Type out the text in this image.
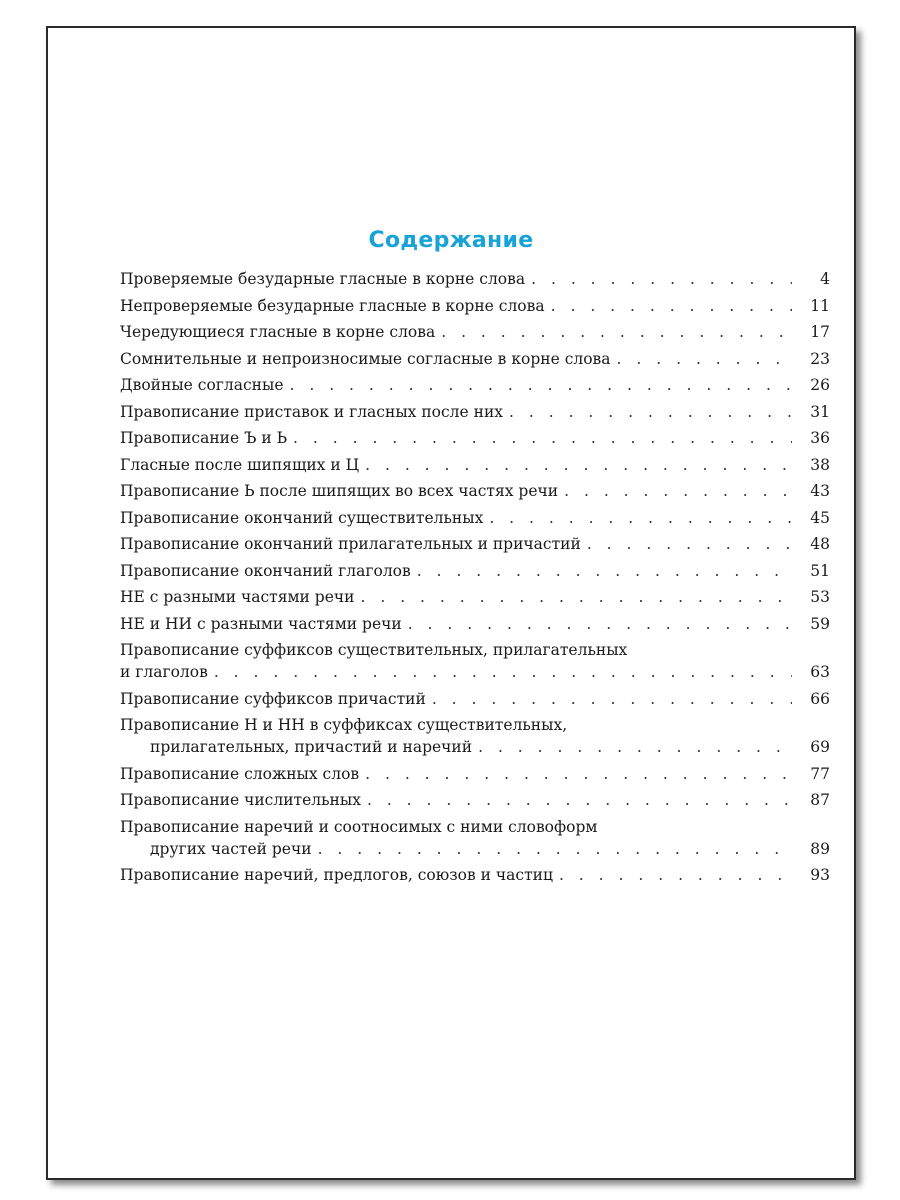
Содержание
Проверяемые безударные гласные в корне слова . . .	4
Непроверяемые безударные гласные в корне слова . . .	11
Чередующиеся гласные в корне слова . . .	17
Сомнительные и непроизносимые согласные в корне слова . . .	23
Двойные согласные . . .	26
Правописание приставок и гласных после них . . .	31
Правописание Ъ и Ь . . .	36
Гласные после шипящих и Ц . . .	38
Правописание Ь после шипящих во всех частях речи . . .	43
Правописание окончаний существительных . . .	45
Правописание окончаний прилагательных и причастий . . .	48
Правописание окончаний глаголов . . .	51
НЕ с разными частями речи . . .	53
НЕ и НИ с разными частями речи . . .	59
Правописание суффиксов существительных, прилагательных
и глаголов . . .	63
Правописание суффиксов причастий . . .	66
Правописание Н и НН в суффиксах существительных,
прилагательных, причастий и наречий . . .	69
Правописание сложных слов . . .	77
Правописание числительных . . .	87
Правописание наречий и соотносимых с ними словоформ
других частей речи . . .	89
Правописание наречий, предлогов, союзов и частиц . . .	93
